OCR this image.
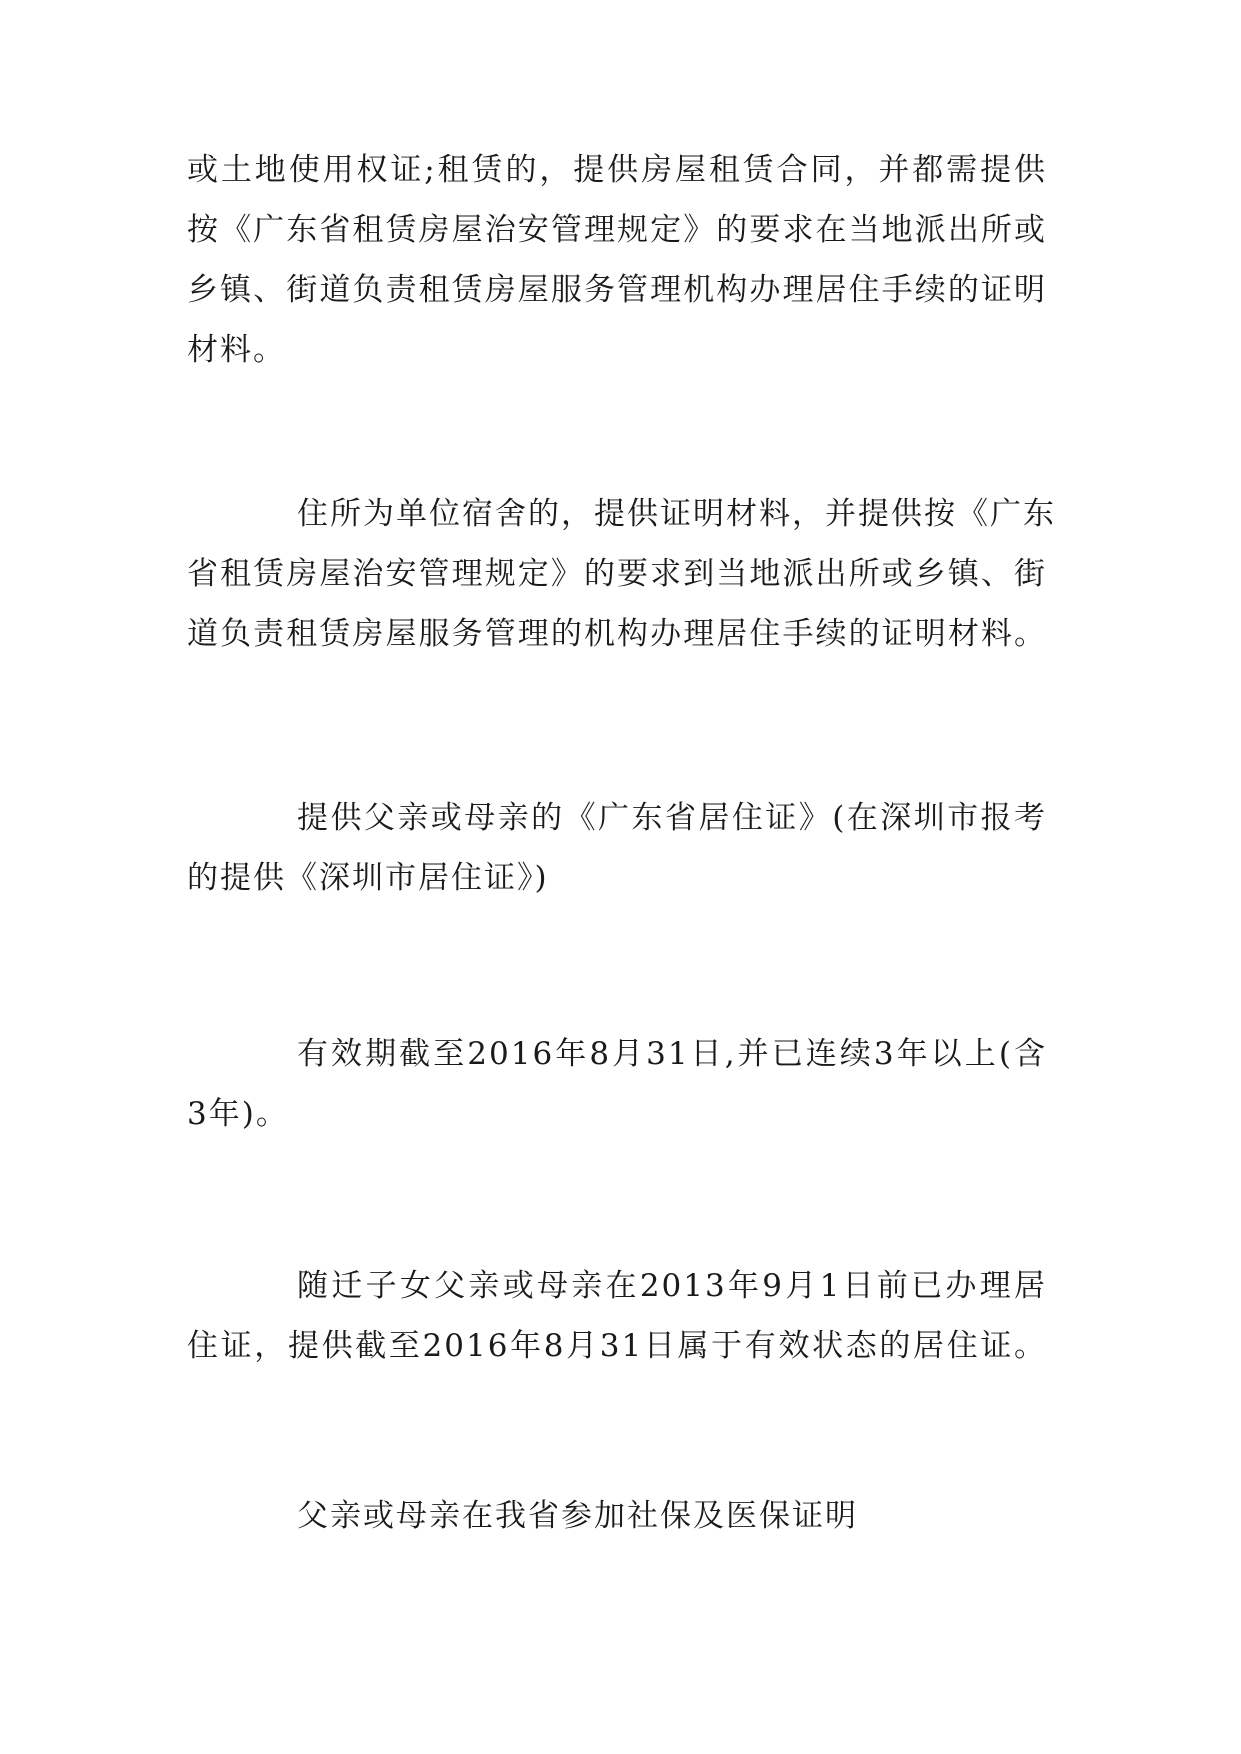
或土地使用权证;租赁的，提供房屋租赁合同，并都需提供
按《广东省租赁房屋治安管理规定》的要求在当地派出所或
乡镇、街道负责租赁房屋服务管理机构办理居住手续的证明
材料。
住所为单位宿舍的，提供证明材料，并提供按《广东
省租赁房屋治安管理规定》的要求到当地派出所或乡镇、街
道负责租赁房屋服务管理的机构办理居住手续的证明材料。
提供父亲或母亲的《广东省居住证》(在深圳市报考
的提供《深圳市居住证》)
有效期截至2016年8月31日,并已连续3年以上(含
3年)。
随迁子女父亲或母亲在2013年9月1日前已办理居
住证，提供截至2016年8月31日属于有效状态的居住证。
父亲或母亲在我省参加社保及医保证明
